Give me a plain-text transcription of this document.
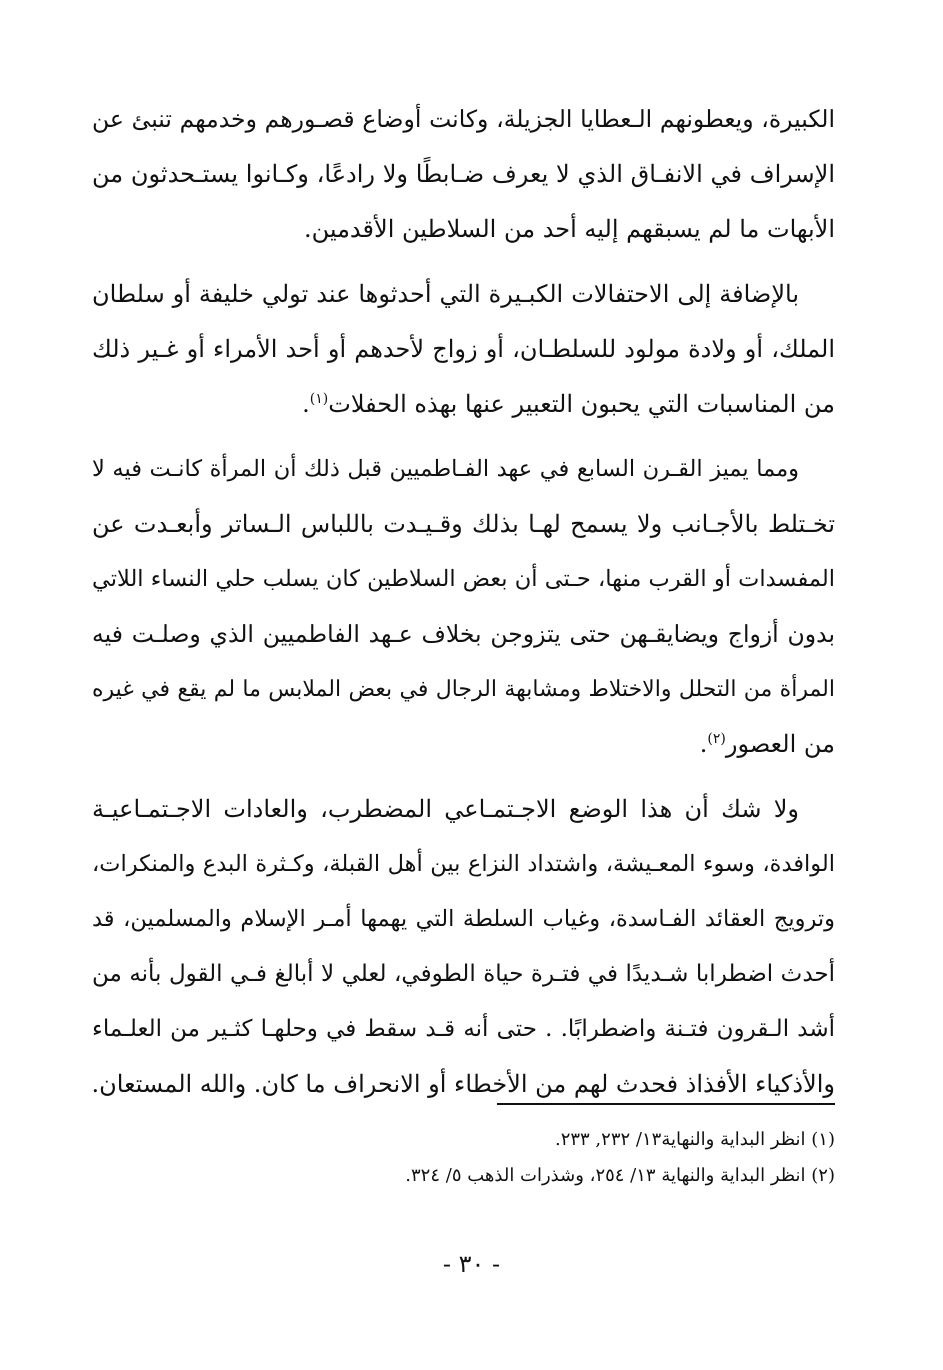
الكبيرة، ويعطونهم الـعطايا الجزيلة، وكانت أوضاع قصـورهم وخدمهم تنبئ عن
الإسراف في الانفـاق الذي لا يعرف ضـابطًا ولا رادعًا، وكـانوا يستـحدثون من
الأبهات ما لم يسبقهم إليه أحد من السلاطين الأقدمين.
بالإضافة إلى الاحتفالات الكبـيرة التي أحدثوها عند تولي خليفة أو سلطان
الملك، أو ولادة مولود للسلطـان، أو زواج لأحدهم أو أحد الأمراء أو غـير ذلك
من المناسبات التي يحبون التعبير عنها بهذه الحفلات$^{(١)}$.
ومما يميز القـرن السابع في عهد الفـاطميين قبل ذلك أن المرأة كانـت فيه لا
تخـتلط بالأجـانب ولا يسمح لهـا بذلك وقـيـدت باللباس الـساتر وأبعـدت عن
المفسدات أو القرب منها، حـتى أن بعض السلاطين كان يسلب حلي النساء اللاتي
بدون أزواج ويضايقـهن حتى يتزوجن بخلاف عـهد الفاطميين الذي وصلـت فيه
المرأة من التحلل والاختلاط ومشابهة الرجال في بعض الملابس ما لم يقع في غيره
من العصور$^{(٢)}$.
ولا شك أن هذا الوضع الاجـتمـاعي المضطرب، والعادات الاجـتمـاعيـة
الوافدة، وسوء المعـيشة، واشتداد النزاع بين أهل القبلة، وكـثرة البدع والمنكرات،
وترويج العقائد الفـاسدة، وغياب السلطة التي يهمها أمـر الإسلام والمسلمين، قد
أحدث اضطرابا شـديدًا في فتـرة حياة الطوفي، لعلي لا أبالغ فـي القول بأنه من
أشد الـقرون فتـنة واضطرابًا. . حتى أنه قـد سقط في وحلهـا كثـير من العلـماء
والأذكياء الأفذاذ فحدث لهم من الأخطاء أو الانحراف ما كان. والله المستعان.
(١) انظر البداية والنهاية١٣/ ٢٣٢, ٢٣٣.
(٢) انظر البداية والنهاية ١٣/ ٢٥٤، وشذرات الذهب ٥/ ٣٢٤.
- ٣٠ -
